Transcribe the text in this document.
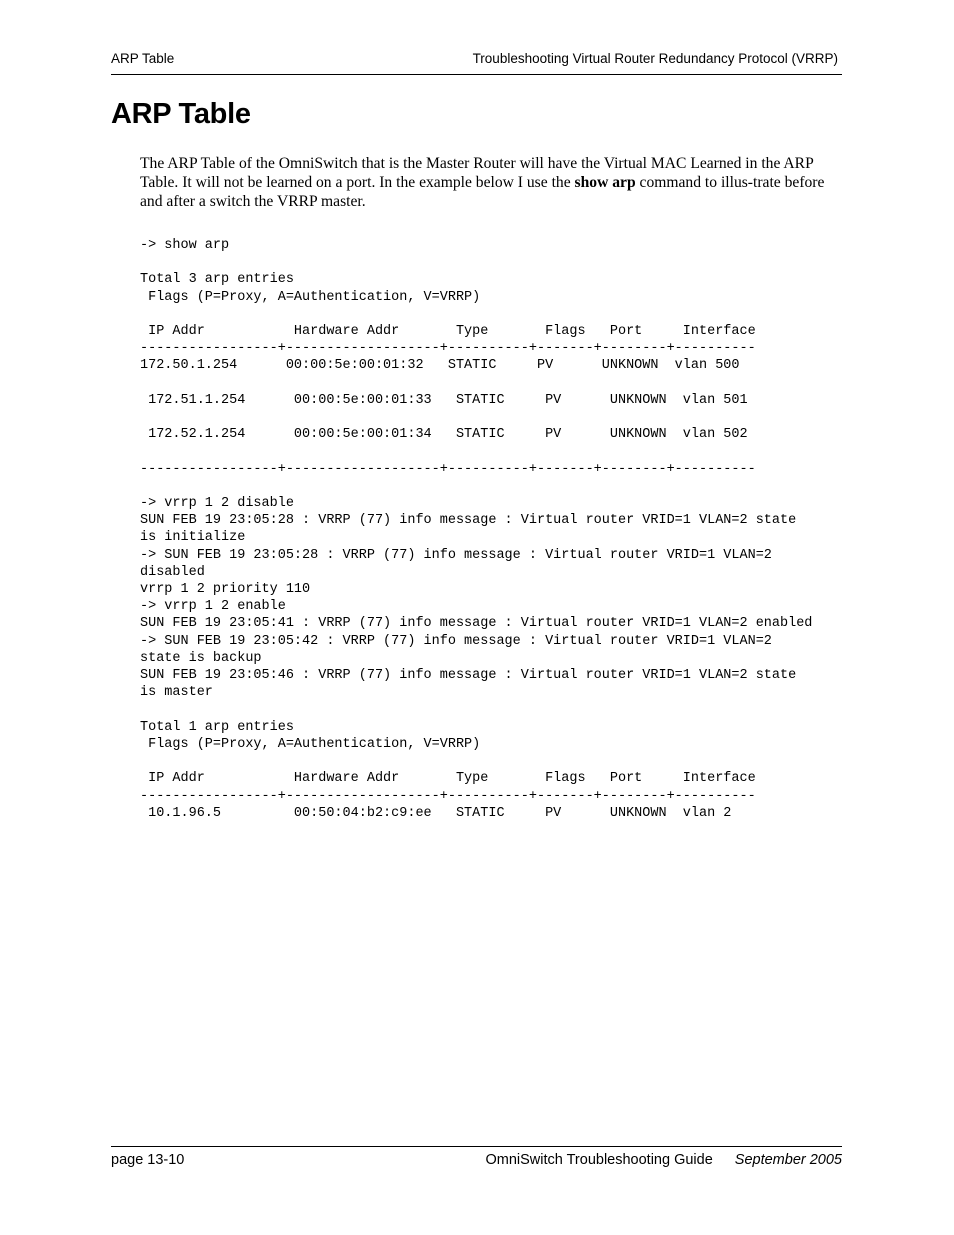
ARP Table	Troubleshooting Virtual Router Redundancy Protocol (VRRP)
ARP Table

The ARP Table of the OmniSwitch that is the Master Router will have the Virtual MAC Learned in the ARP Table. It will not be learned on a port. In the example below I use the show arp command to illus-trate before and after a switch the VRRP master.

-> show arp

Total 3 arp entries
Flags (P=Proxy, A=Authentication, V=VRRP)

IP Addr           Hardware Addr       Type       Flags   Port     Interface
-----------------+-------------------+----------+-------+--------+----------
172.50.1.254      00:00:5e:00:01:32   STATIC     PV      UNKNOWN  vlan 500

172.51.1.254      00:00:5e:00:01:33   STATIC     PV      UNKNOWN  vlan 501

172.52.1.254      00:00:5e:00:01:34   STATIC     PV      UNKNOWN  vlan 502

-----------------+-------------------+----------+-------+--------+----------

-> vrrp 1 2 disable
SUN FEB 19 23:05:28 : VRRP (77) info message : Virtual router VRID=1 VLAN=2 state
is initialize
-> SUN FEB 19 23:05:28 : VRRP (77) info message : Virtual router VRID=1 VLAN=2
disabled
vrrp 1 2 priority 110
-> vrrp 1 2 enable
SUN FEB 19 23:05:41 : VRRP (77) info message : Virtual router VRID=1 VLAN=2 enabled
-> SUN FEB 19 23:05:42 : VRRP (77) info message : Virtual router VRID=1 VLAN=2
state is backup
SUN FEB 19 23:05:46 : VRRP (77) info message : Virtual router VRID=1 VLAN=2 state
is master

Total 1 arp entries
Flags (P=Proxy, A=Authentication, V=VRRP)

IP Addr           Hardware Addr       Type       Flags   Port     Interface
-----------------+-------------------+----------+-------+--------+----------
10.1.96.5         00:50:04:b2:c9:ee   STATIC     PV      UNKNOWN  vlan 2
page 13-10	OmniSwitch Troubleshooting Guide September 2005
